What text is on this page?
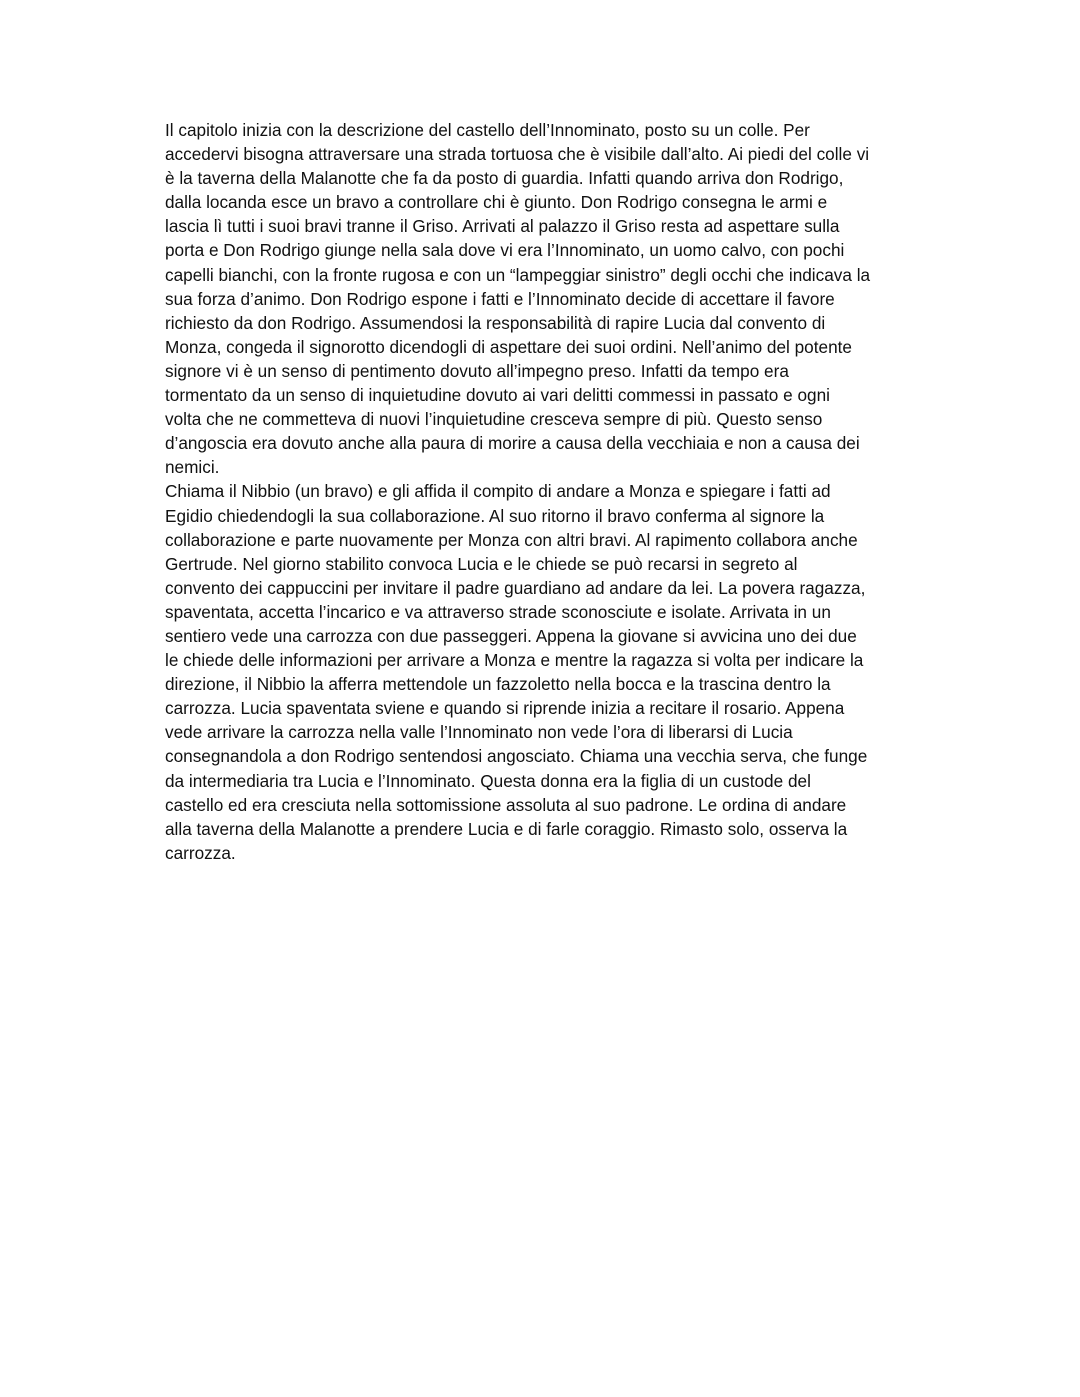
Il capitolo inizia con la descrizione del castello dell’Innominato, posto su un colle. Per
accedervi bisogna attraversare una strada tortuosa che è visibile dall’alto. Ai piedi del colle vi
è la taverna della Malanotte che fa da posto di guardia. Infatti quando arriva don Rodrigo,
dalla locanda esce un bravo a controllare chi è giunto. Don Rodrigo consegna le armi e
lascia lì tutti i suoi bravi tranne il Griso. Arrivati al palazzo il Griso resta ad aspettare sulla
porta e Don Rodrigo giunge nella sala dove vi era l’Innominato, un uomo calvo, con pochi
capelli bianchi, con la fronte rugosa e con un “lampeggiar sinistro” degli occhi che indicava la
sua forza d’animo. Don Rodrigo espone i fatti e l’Innominato decide di accettare il favore
richiesto da don Rodrigo. Assumendosi la responsabilità di rapire Lucia dal convento di
Monza, congeda il signorotto dicendogli di aspettare dei suoi ordini. Nell’animo del potente
signore vi è un senso di pentimento dovuto all’impegno preso. Infatti da tempo era
tormentato da un senso di inquietudine dovuto ai vari delitti commessi in passato e ogni
volta che ne commetteva di nuovi l’inquietudine cresceva sempre di più. Questo senso
d’angoscia era dovuto anche alla paura di morire a causa della vecchiaia e non a causa dei
nemici.
Chiama il Nibbio (un bravo) e gli affida il compito di andare a Monza e spiegare i fatti ad
Egidio chiedendogli la sua collaborazione. Al suo ritorno il bravo conferma al signore la
collaborazione e parte nuovamente per Monza con altri bravi. Al rapimento collabora anche
Gertrude. Nel giorno stabilito convoca Lucia e le chiede se può recarsi in segreto al
convento dei cappuccini per invitare il padre guardiano ad andare da lei. La povera ragazza,
spaventata, accetta l’incarico e va attraverso strade sconosciute e isolate. Arrivata in un
sentiero vede una carrozza con due passeggeri. Appena la giovane si avvicina uno dei due
le chiede delle informazioni per arrivare a Monza e mentre la ragazza si volta per indicare la
direzione, il Nibbio la afferra mettendole un fazzoletto nella bocca e la trascina dentro la
carrozza. Lucia spaventata sviene e quando si riprende inizia a recitare il rosario. Appena
vede arrivare la carrozza nella valle l’Innominato non vede l’ora di liberarsi di Lucia
consegnandola a don Rodrigo sentendosi angosciato. Chiama una vecchia serva, che funge
da intermediaria tra Lucia e l’Innominato. Questa donna era la figlia di un custode del
castello ed era cresciuta nella sottomissione assoluta al suo padrone. Le ordina di andare
alla taverna della Malanotte a prendere Lucia e di farle coraggio. Rimasto solo, osserva la
carrozza.
